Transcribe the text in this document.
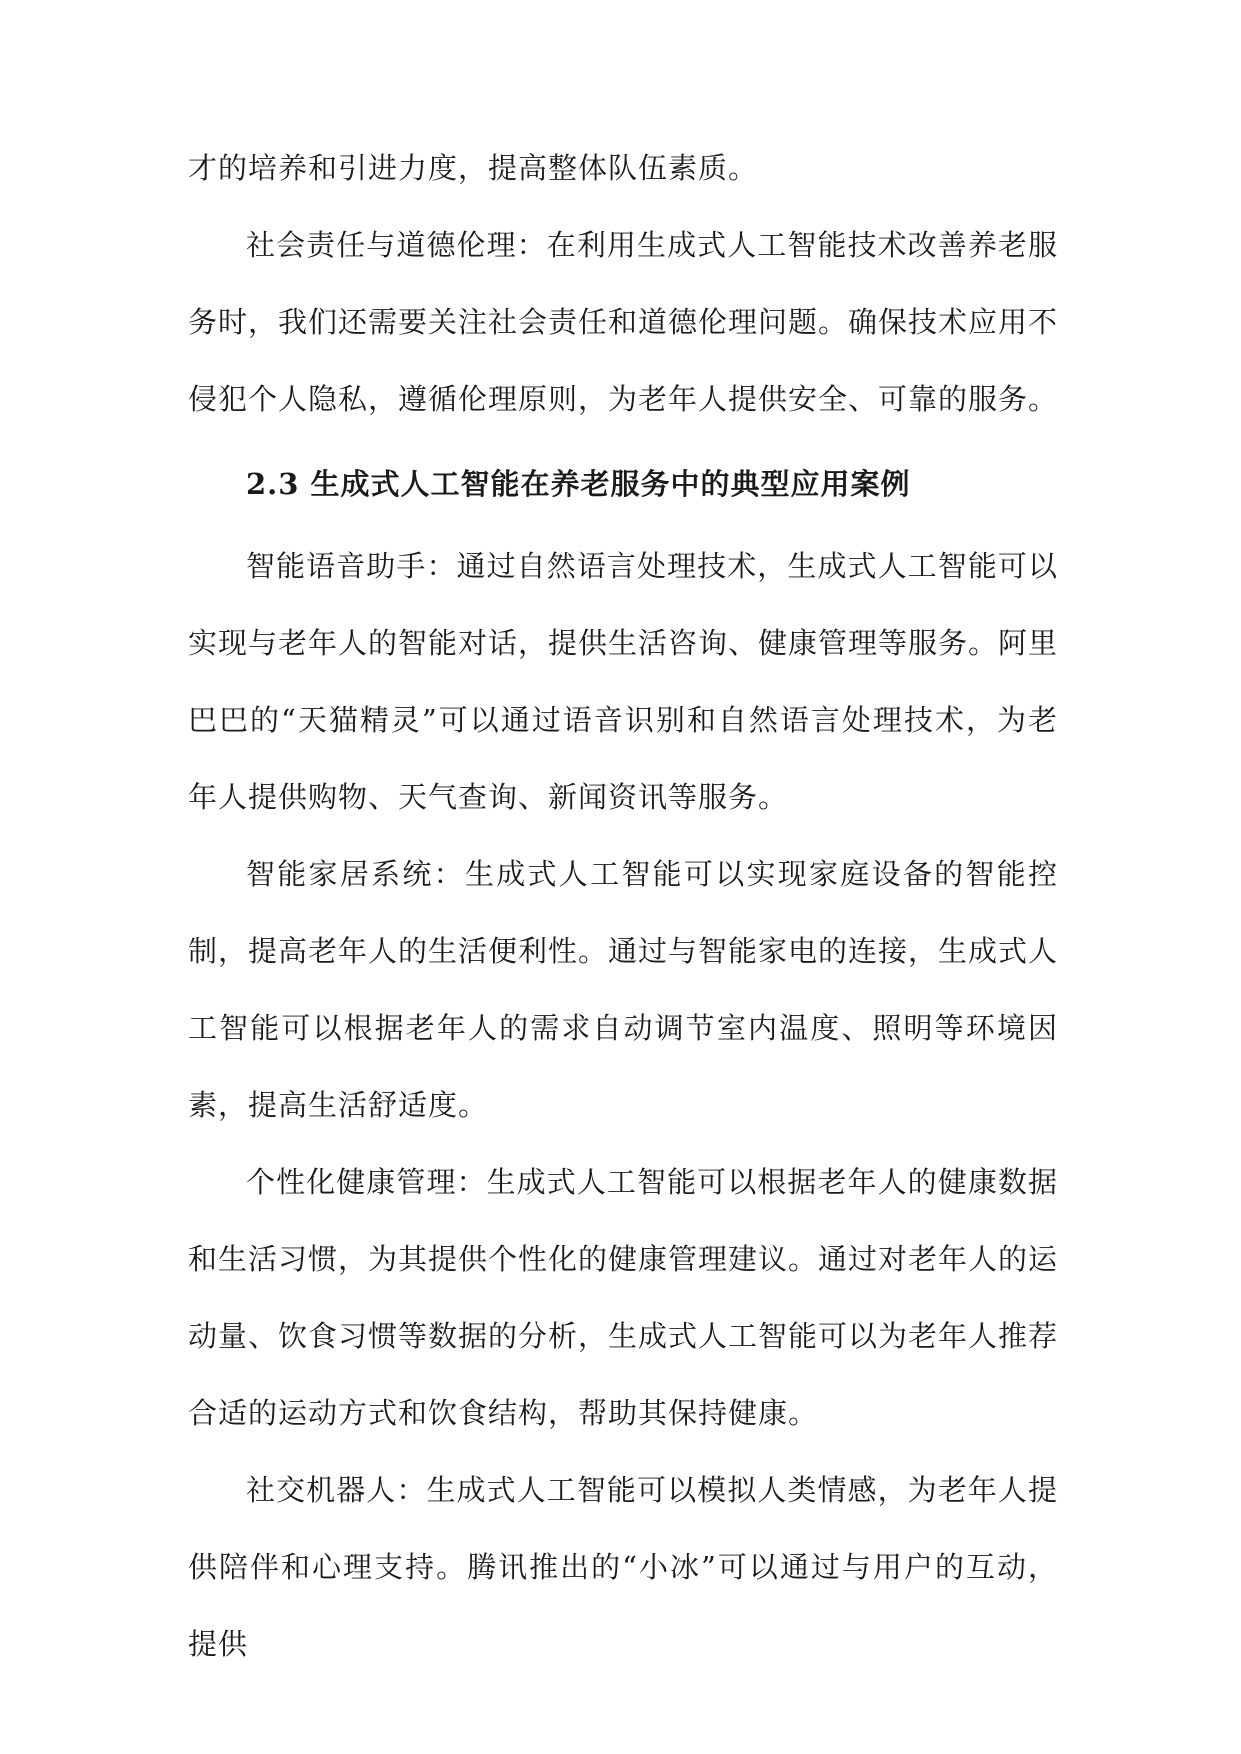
才的培养和引进力度，提高整体队伍素质。

社会责任与道德伦理：在利用生成式人工智能技术改善养老服务时，我们还需要关注社会责任和道德伦理问题。确保技术应用不侵犯个人隐私，遵循伦理原则，为老年人提供安全、可靠的服务。

2.3 生成式人工智能在养老服务中的典型应用案例

智能语音助手：通过自然语言处理技术，生成式人工智能可以实现与老年人的智能对话，提供生活咨询、健康管理等服务。阿里巴巴的“天猫精灵”可以通过语音识别和自然语言处理技术，为老年人提供购物、天气查询、新闻资讯等服务。

智能家居系统：生成式人工智能可以实现家庭设备的智能控制，提高老年人的生活便利性。通过与智能家电的连接，生成式人工智能可以根据老年人的需求自动调节室内温度、照明等环境因素，提高生活舒适度。

个性化健康管理：生成式人工智能可以根据老年人的健康数据和生活习惯，为其提供个性化的健康管理建议。通过对老年人的运动量、饮食习惯等数据的分析，生成式人工智能可以为老年人推荐合适的运动方式和饮食结构，帮助其保持健康。

社交机器人：生成式人工智能可以模拟人类情感，为老年人提供陪伴和心理支持。腾讯推出的“小冰”可以通过与用户的互动，提供
